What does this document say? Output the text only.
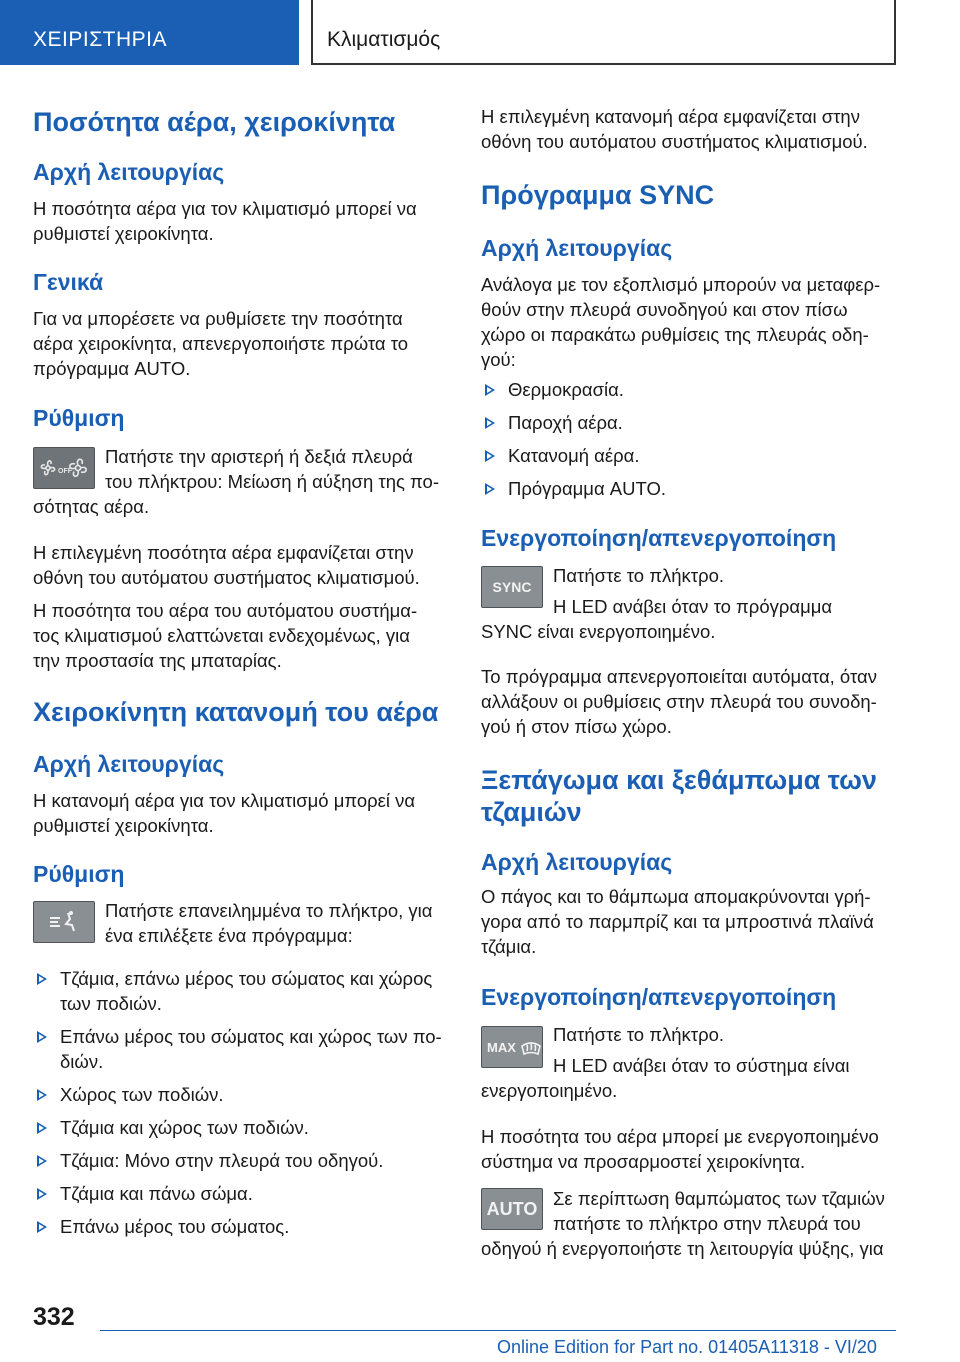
ΧΕΙΡΙΣΤΗΡΙΑ	Κλιματισμός
Ποσότητα αέρα, χειροκίνητα
Αρχή λειτουργίας
Η ποσότητα αέρα για τον κλιματισμό μπορεί να
ρυθμιστεί χειροκίνητα.
Γενικά
Για να μπορέσετε να ρυθμίσετε την ποσότητα
αέρα χειροκίνητα, απενεργοποιήστε πρώτα το
πρόγραμμα AUTO.
Ρύθμιση
OFF
Πατήστε την αριστερή ή δεξιά πλευρά
του πλήκτρου: Μείωση ή αύξηση της πο-
σότητας αέρα.
Η επιλεγμένη ποσότητα αέρα εμφανίζεται στην
οθόνη του αυτόματου συστήματος κλιματισμού.
Η ποσότητα του αέρα του αυτόματου συστήμα-
τος κλιματισμού ελαττώνεται ενδεχομένως, για
την προστασία της μπαταρίας.
Χειροκίνητη κατανομή του αέρα
Αρχή λειτουργίας
Η κατανομή αέρα για τον κλιματισμό μπορεί να
ρυθμιστεί χειροκίνητα.
Ρύθμιση
Πατήστε επανειλημμένα το πλήκτρο, για
ένα επιλέξετε ένα πρόγραμμα:
Τζάμια, επάνω μέρος του σώματος και χώρος
των ποδιών.
Επάνω μέρος του σώματος και χώρος των πο-
διών.
Χώρος των ποδιών.
Τζάμια και χώρος των ποδιών.
Τζάμια: Μόνο στην πλευρά του οδηγού.
Τζάμια και πάνω σώμα.
Επάνω μέρος του σώματος.
Η επιλεγμένη κατανομή αέρα εμφανίζεται στην
οθόνη του αυτόματου συστήματος κλιματισμού.
Πρόγραμμα SYNC
Αρχή λειτουργίας
Ανάλογα με τον εξοπλισμό μπορούν να μεταφερ-
θούν στην πλευρά συνοδηγού και στον πίσω
χώρο οι παρακάτω ρυθμίσεις της πλευράς οδη-
γού:
Θερμοκρασία.
Παροχή αέρα.
Κατανομή αέρα.
Πρόγραμμα AUTO.
Ενεργοποίηση/απενεργοποίηση
SYNC
Πατήστε το πλήκτρο.
Η LED ανάβει όταν το πρόγραμμα
SYNC είναι ενεργοποιημένο.
Το πρόγραμμα απενεργοποιείται αυτόματα, όταν
αλλάξουν οι ρυθμίσεις στην πλευρά του συνοδη-
γού ή στον πίσω χώρο.
Ξεπάγωμα και ξεθάμπωμα των
τζαμιών
Αρχή λειτουργίας
Ο πάγος και το θάμπωμα απομακρύνονται γρή-
γορα από το παρμπρίζ και τα μπροστινά πλαϊνά
τζάμια.
Ενεργοποίηση/απενεργοποίηση
MAX
Πατήστε το πλήκτρο.
Η LED ανάβει όταν το σύστημα είναι
ενεργοποιημένο.
Η ποσότητα του αέρα μπορεί με ενεργοποιημένο
σύστημα να προσαρμοστεί χειροκίνητα.
AUTO Σε περίπτωση θαμπώματος των τζαμιών
πατήστε το πλήκτρο στην πλευρά του
οδηγού ή ενεργοποιήστε τη λειτουργία ψύξης, για
332
Online Edition for Part no. 01405A11318 - VI/20
